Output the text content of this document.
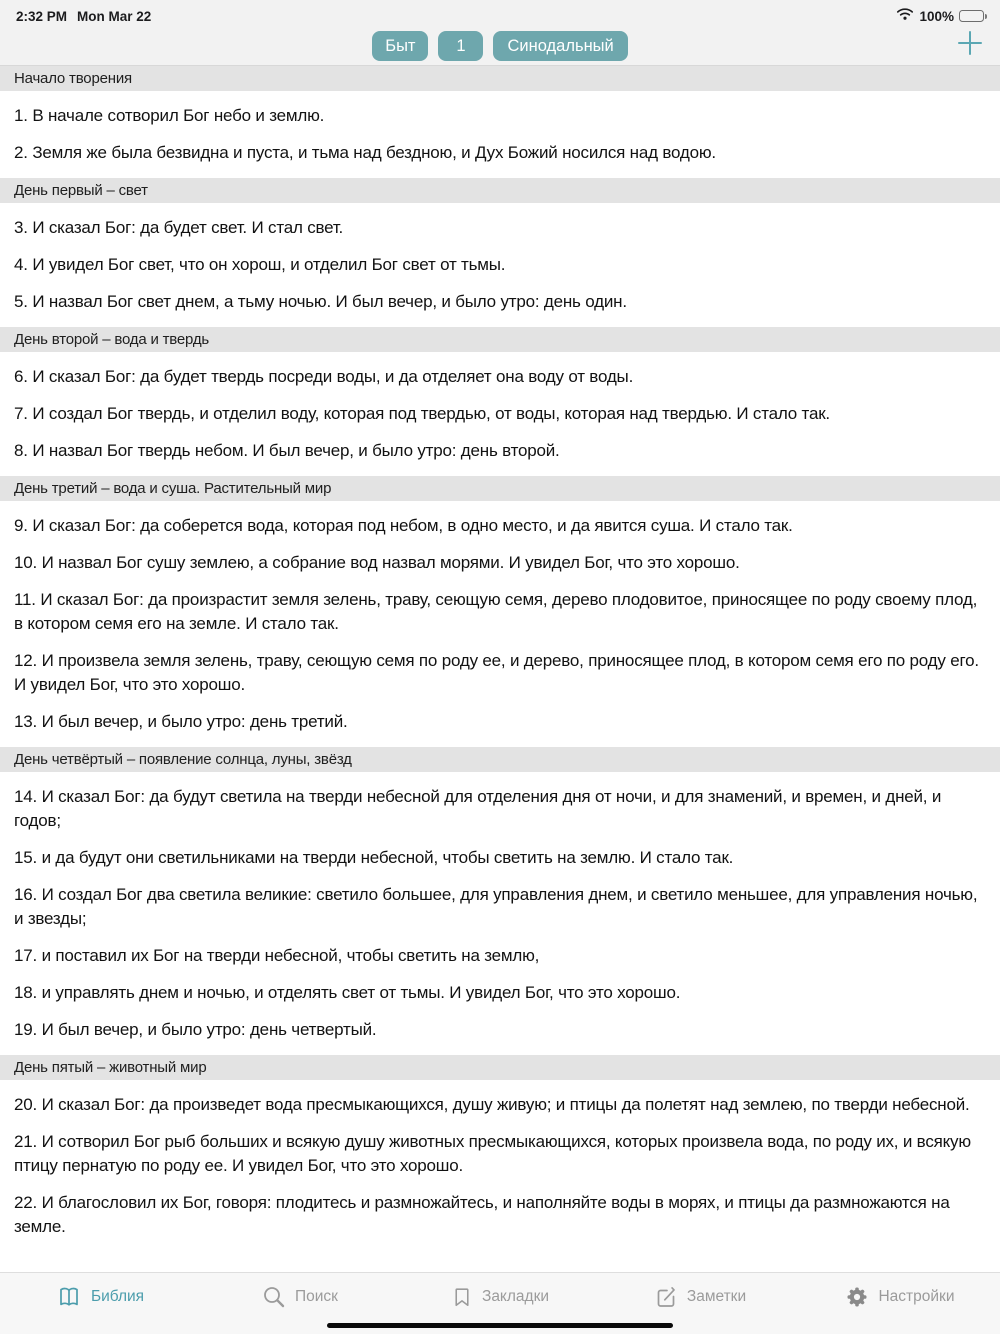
2:32 PM Mon Mar 22	100%
Быт	1	Синодальный
Начало творения

1. В начале сотворил Бог небо и землю.

2. Земля же была безвидна и пуста, и тьма над бездною, и Дух Божий носился над водою.

День первый – свет

3. И сказал Бог: да будет свет. И стал свет.

4. И увидел Бог свет, что он хорош, и отделил Бог свет от тьмы.

5. И назвал Бог свет днем, а тьму ночью. И был вечер, и было утро: день один.

День второй – вода и твердь

6. И сказал Бог: да будет твердь посреди воды, и да отделяет она воду от воды.

7. И создал Бог твердь, и отделил воду, которая под твердью, от воды, которая над твердью. И стало так.

8. И назвал Бог твердь небом. И был вечер, и было утро: день второй.

День третий – вода и суша. Растительный мир

9. И сказал Бог: да соберется вода, которая под небом, в одно место, и да явится суша. И стало так.

10. И назвал Бог сушу землею, а собрание вод назвал морями. И увидел Бог, что это хорошо.

11. И сказал Бог: да произрастит земля зелень, траву, сеющую семя, дерево плодовитое, приносящее по роду своему плод, в котором семя его на земле. И стало так.

12. И произвела земля зелень, траву, сеющую семя по роду ее, и дерево, приносящее плод, в котором семя его по роду его. И увидел Бог, что это хорошо.

13. И был вечер, и было утро: день третий.

День четвёртый – появление солнца, луны, звёзд

14. И сказал Бог: да будут светила на тверди небесной для отделения дня от ночи, и для знамений, и времен, и дней, и годов;

15. и да будут они светильниками на тверди небесной, чтобы светить на землю. И стало так.

16. И создал Бог два светила великие: светило большее, для управления днем, и светило меньшее, для управления ночью, и звезды;

17. и поставил их Бог на тверди небесной, чтобы светить на землю,

18. и управлять днем и ночью, и отделять свет от тьмы. И увидел Бог, что это хорошо.

19. И был вечер, и было утро: день четвертый.

День пятый – животный мир

20. И сказал Бог: да произведет вода пресмыкающихся, душу живую; и птицы да полетят над землею, по тверди небесной.

21. И сотворил Бог рыб больших и всякую душу животных пресмыкающихся, которых произвела вода, по роду их, и всякую птицу пернатую по роду ее. И увидел Бог, что это хорошо.

22. И благословил их Бог, говоря: плодитесь и размножайтесь, и наполняйте воды в морях, и птицы да размножаются на земле.

Библия	Поиск	Закладки	Заметки	Настройки
